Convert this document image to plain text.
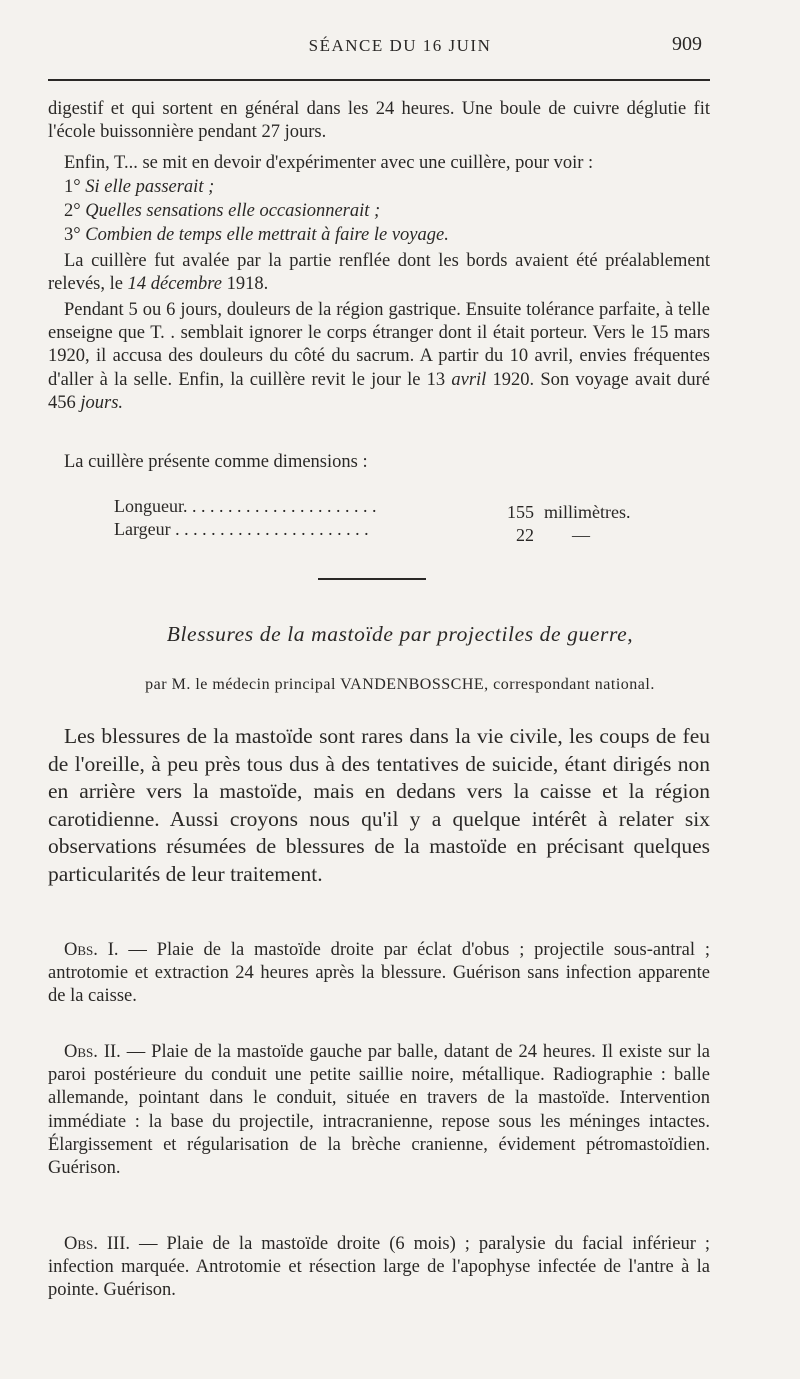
SÉANCE DU 16 JUIN	909

digestif et qui sortent en général dans les 24 heures. Une boule de cuivre déglutie fit l'école buissonnière pendant 27 jours.

Enfin, T... se mit en devoir d'expérimenter avec une cuillère, pour voir :

1° Si elle passerait ;
2° Quelles sensations elle occasionnerait ;
3° Combien de temps elle mettrait à faire le voyage.

La cuillère fut avalée par la partie renflée dont les bords avaient été préalablement relevés, le 14 décembre 1918.

Pendant 5 ou 6 jours, douleurs de la région gastrique. Ensuite tolérance parfaite, à telle enseigne que T. . semblait ignorer le corps étranger dont il était porteur. Vers le 15 mars 1920, il accusa des douleurs du côté du sacrum. A partir du 10 avril, envies fréquentes d'aller à la selle. Enfin, la cuillère revit le jour le 13 avril 1920. Son voyage avait duré 456 jours.

La cuillère présente comme dimensions :

Longueur. . . . . . . . . . . . . . . . . . . . . .	155 millimètres.
Largeur . . . . . . . . . . . . . . . . . . . . . .	22 —
Blessures de la mastoïde par projectiles de guerre,
par M. le médecin principal VANDENBOSSCHE, correspondant national.

Les blessures de la mastoïde sont rares dans la vie civile, les coups de feu de l'oreille, à peu près tous dus à des tentatives de suicide, étant dirigés non en arrière vers la mastoïde, mais en dedans vers la caisse et la région carotidienne. Aussi croyons nous qu'il y a quelque intérêt à relater six observations résumées de blessures de la mastoïde en précisant quelques particularités de leur traitement.

Obs. I. — Plaie de la mastoïde droite par éclat d'obus ; projectile sous-antral ; antrotomie et extraction 24 heures après la blessure. Guérison sans infection apparente de la caisse.

Obs. II. — Plaie de la mastoïde gauche par balle, datant de 24 heures. Il existe sur la paroi postérieure du conduit une petite saillie noire, métallique. Radiographie : balle allemande, pointant dans le conduit, située en travers de la mastoïde. Intervention immédiate : la base du projectile, intracranienne, repose sous les méninges intactes. Élargissement et régularisation de la brèche cranienne, évidement pétromastoïdien. Guérison.

Obs. III. — Plaie de la mastoïde droite (6 mois) ; paralysie du facial inférieur ; infection marquée. Antrotomie et résection large de l'apophyse infectée de l'antre à la pointe. Guérison.
